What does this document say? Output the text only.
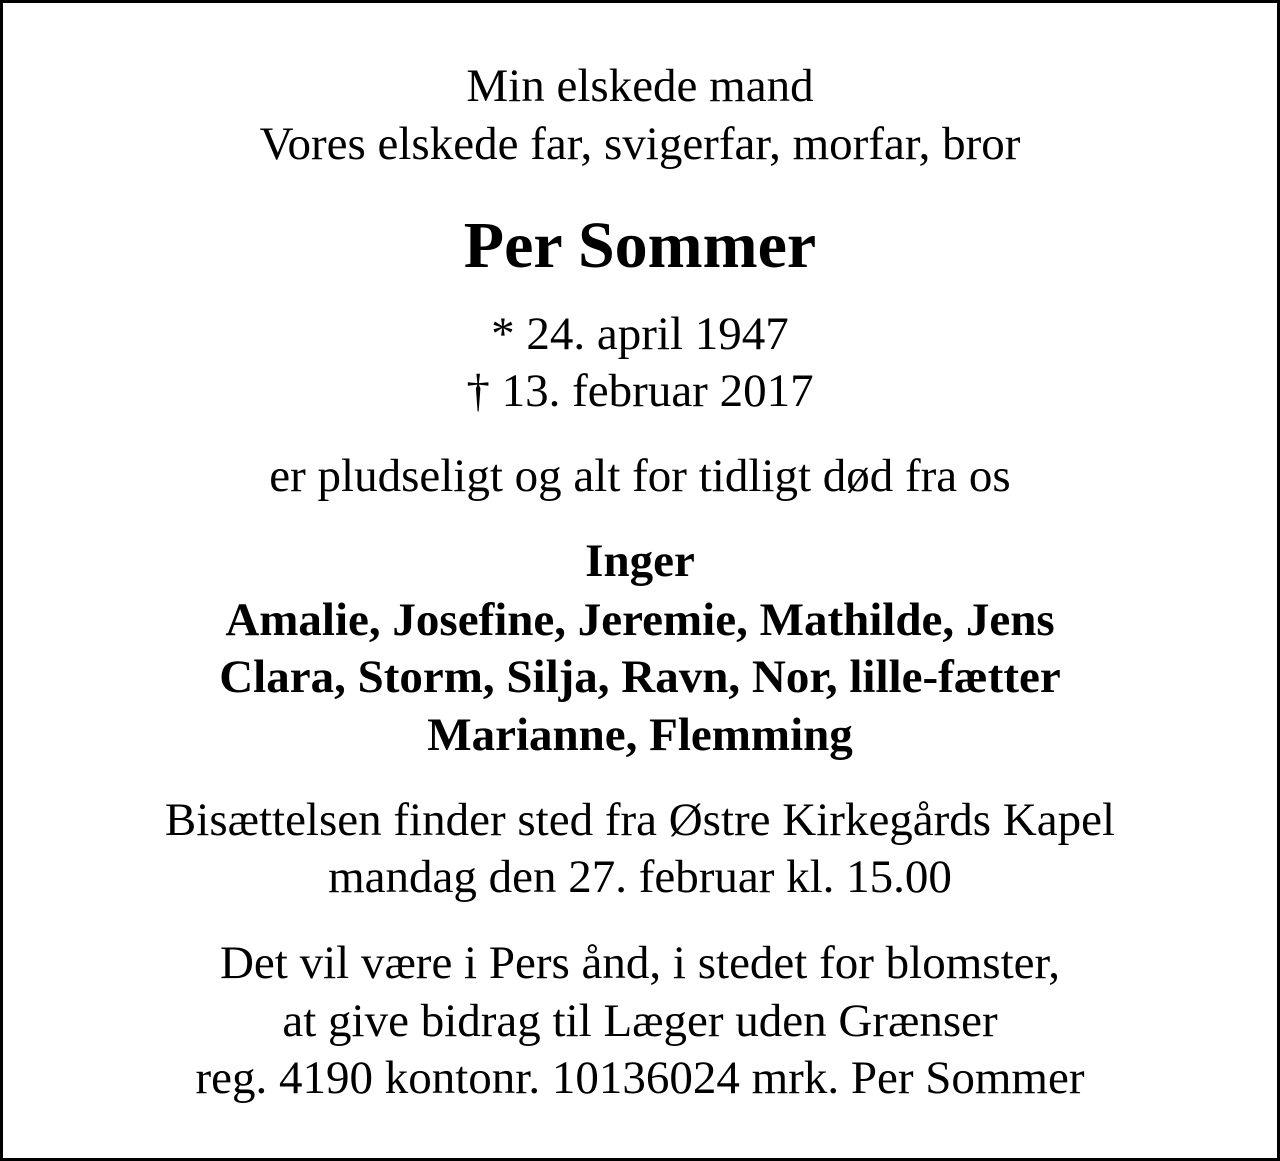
Min elskede mand
Vores elskede far, svigerfar, morfar, bror
Per Sommer
* 24. april 1947
† 13. februar 2017
er pludseligt og alt for tidligt død fra os
Inger
Amalie, Josefine, Jeremie, Mathilde, Jens
Clara, Storm, Silja, Ravn, Nor, lille-fætter
Marianne, Flemming
Bisættelsen finder sted fra Østre Kirkegårds Kapel
mandag den 27. februar kl. 15.00
Det vil være i Pers ånd, i stedet for blomster,
at give bidrag til Læger uden Grænser
reg. 4190 kontonr. 10136024 mrk. Per Sommer
